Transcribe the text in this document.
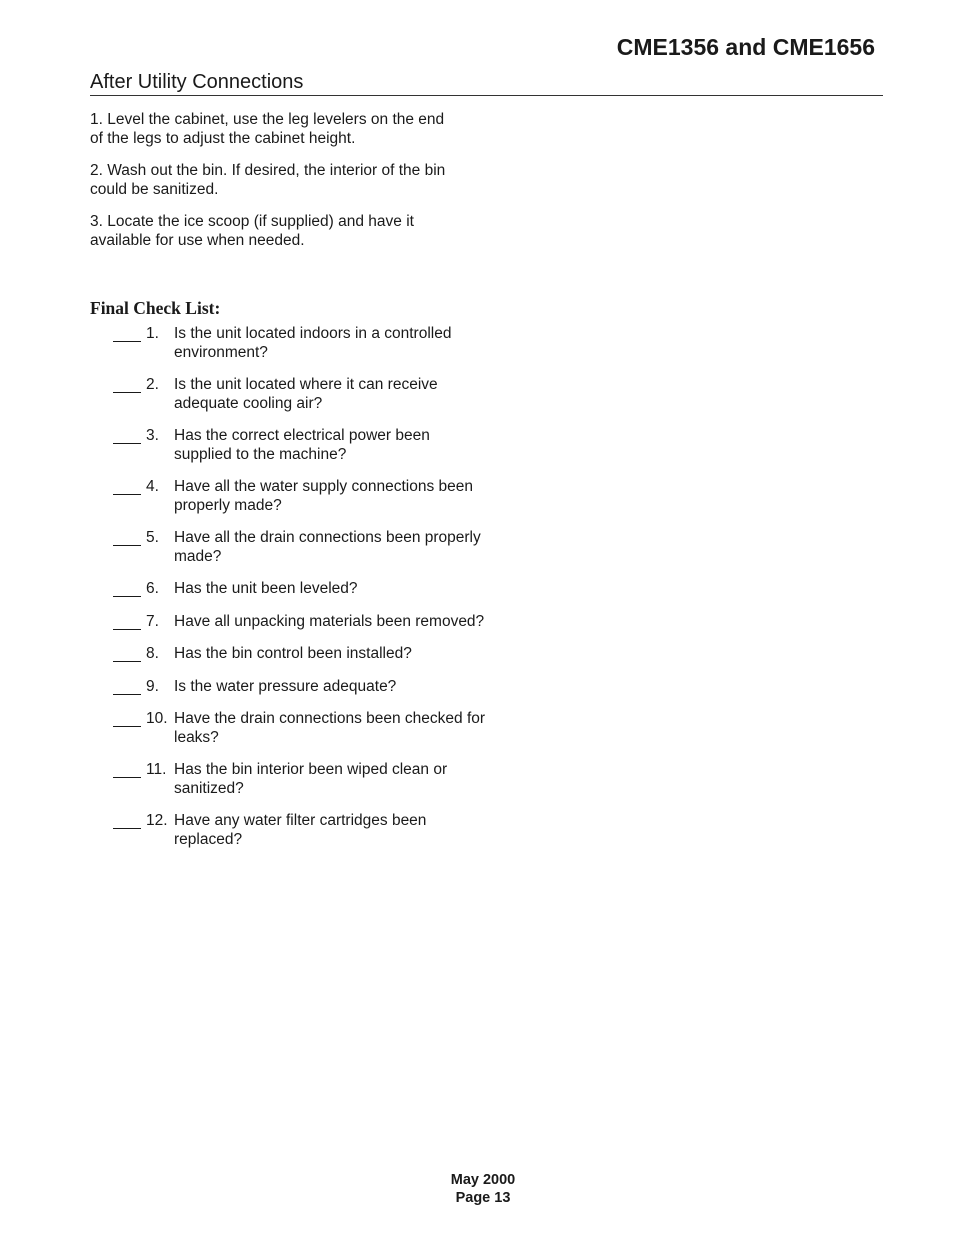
CME1356 and CME1656
After Utility Connections

1. Level the cabinet, use the leg levelers on the end of the legs to adjust the cabinet height.

2. Wash out the bin. If desired, the interior of the bin could be sanitized.

3. Locate the ice scoop (if supplied) and have it available for use when needed.

Final Check List:
1. Is the unit located indoors in a controlled environment?
2. Is the unit located where it can receive adequate cooling air?
3. Has the correct electrical power been supplied to the machine?
4. Have all the water supply connections been properly made?
5. Have all the drain connections been properly made?
6. Has the unit been leveled?
7. Have all unpacking materials been removed?
8. Has the bin control been installed?
9. Is the water pressure adequate?
10. Have the drain connections been checked for leaks?
11. Has the bin interior been wiped clean or sanitized?
12. Have any water filter cartridges been replaced?
May 2000
Page 13
